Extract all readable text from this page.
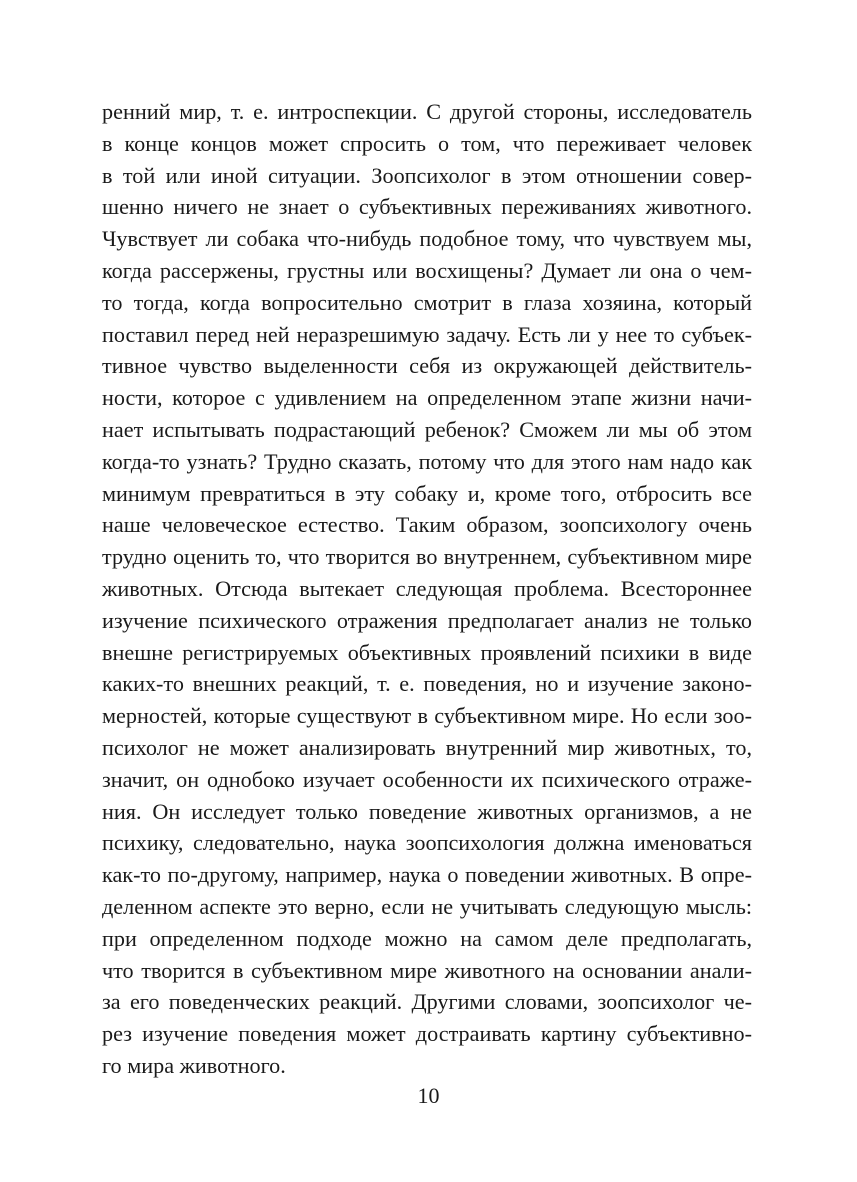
ренний мир, т. е. интроспекции. С другой стороны, исследователь
в конце концов может спросить о том, что переживает человек
в той или иной ситуации. Зоопсихолог в этом отношении совер-
шенно ничего не знает о субъективных переживаниях животного.
Чувствует ли собака что-нибудь подобное тому, что чувствуем мы,
когда рассержены, грустны или восхищены? Думает ли она о чем-
то тогда, когда вопросительно смотрит в глаза хозяина, который
поставил перед ней неразрешимую задачу. Есть ли у нее то субъек-
тивное чувство выделенности себя из окружающей действитель-
ности, которое с удивлением на определенном этапе жизни начи-
нает испытывать подрастающий ребенок? Сможем ли мы об этом
когда-то узнать? Трудно сказать, потому что для этого нам надо как
минимум превратиться в эту собаку и, кроме того, отбросить все
наше человеческое естество. Таким образом, зоопсихологу очень
трудно оценить то, что творится во внутреннем, субъективном мире
животных. Отсюда вытекает следующая проблема. Всестороннее
изучение психического отражения предполагает анализ не только
внешне регистрируемых объективных проявлений психики в виде
каких-то внешних реакций, т. е. поведения, но и изучение законо-
мерностей, которые существуют в субъективном мире. Но если зоо-
психолог не может анализировать внутренний мир животных, то,
значит, он однобоко изучает особенности их психического отраже-
ния. Он исследует только поведение животных организмов, а не
психику, следовательно, наука зоопсихология должна именоваться
как-то по-другому, например, наука о поведении животных. В опре-
деленном аспекте это верно, если не учитывать следующую мысль:
при определенном подходе можно на самом деле предполагать,
что творится в субъективном мире животного на основании анали-
за его поведенческих реакций. Другими словами, зоопсихолог че-
рез изучение поведения может достраивать картину субъективно-
го мира животного.
10
